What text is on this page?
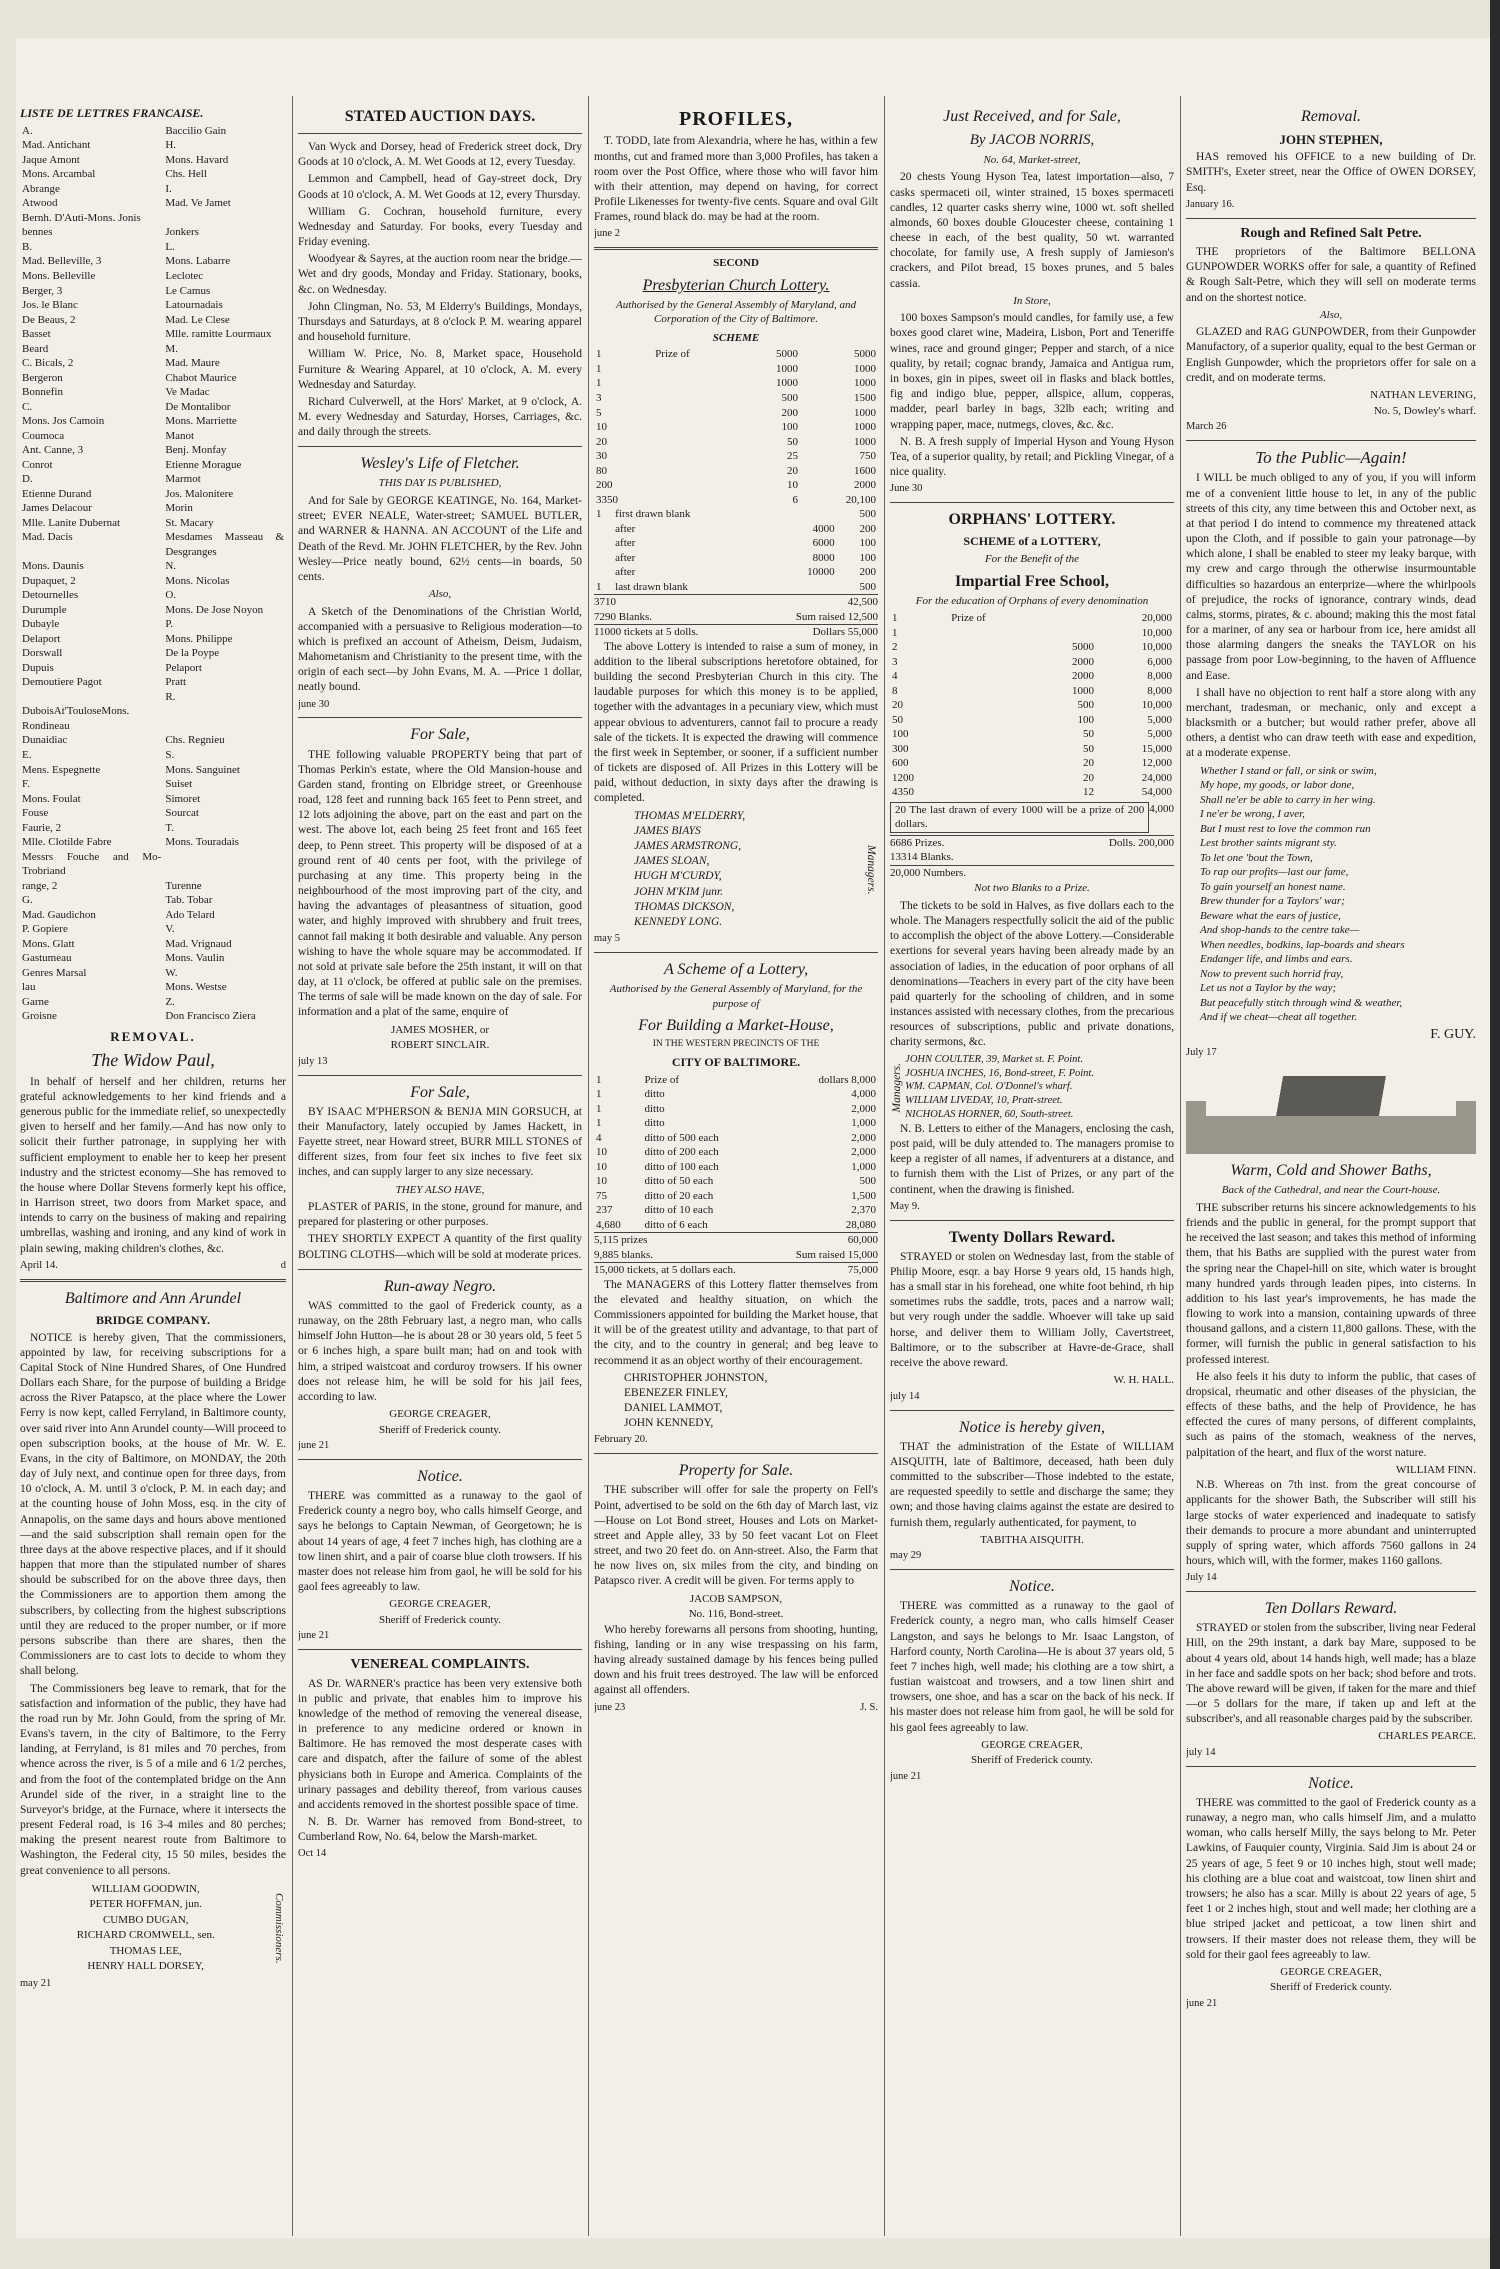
LISTE DE LETTRES FRANCAISE.
A.	Baccilio Gain
Mad. Antichant	H.
Jaque Amont	Mons. Havard
Mons. Arcambal	Chs. Hell
Abrange	I.
Atwood	Mad. Ve Jamet
Bernh. D'Auti-Mons. Jonis	
bennes	Jonkers
B.	L.
Mad. Belleville, 3	Mons. Labarre
Mons. Belleville	Leclotec
Berger, 3	Le Camus
Jos. le Blanc	Latournadais
De Beaus, 2	Mad. Le Clese
Basset	Mlle. ramitte Lourmaux
Beard	M.
C. Bicals, 2	Mad. Maure
Bergeron	Chabot Maurice
Bonnefin	Ve Madac
C.	De Montalibor
Mons. Jos Camoin	Mons. Marriette
Coumoca	Manot
Ant. Canne, 3	Benj. Monfay
Conrot	Etienne Morague
D.	Marmot
Etienne Durand	Jos. Malonitere
James Delacour	Morin
Mlle. Lanite Dubernat	St. Macary
Mad. Dacis	Mesdames Masseau & Desgranges
Mons. Daunis	N.
Dupaquet, 2	Mons. Nicolas
Detournelles	O.
Durumple	Mons. De Jose Noyon
Dubayle	P.
Delaport	Mons. Philippe
Dorswall	De la Poype
Dupuis	Pelaport
Demoutiere Pagot	Pratt
	R.
DuboisAt'TouloseMons. Rondineau	
Dunaidiac	Chs. Regnieu
E.	S.
Mens. Espegnette	Mons. Sanguinet
F.	Suiset
Mons. Foulat	Simoret
Fouse	Sourcat
Faurie, 2	T.
Mlle. Clotilde Fabre	Mons. Touradais
Messrs Fouche and Mo-Trobriand	
range, 2	Turenne
G.	Tab. Tobar
Mad. Gaudichon	Ado Telard
P. Gopiere	V.
Mons. Glatt	Mad. Vrignaud
Gastumeau	Mons. Vaulin
Genres Marsal	W.
lau	Mons. Westse
Garne	Z.
Groisne	Don Francisco Ziera
REMOVAL.
The Widow Paul,

In behalf of herself and her children, returns her grateful acknowledgements to her kind friends and a generous public for the immediate relief, so unexpectedly given to herself and her family.—And has now only to solicit their further patronage, in supplying her with sufficient employment to enable her to keep her present industry and the strictest economy—She has removed to the house where Dollar Stevens formerly kept his office, in Harrison street, two doors from Market space, and intends to carry on the business of making and repairing umbrellas, washing and ironing, and any kind of work in plain sewing, making children's clothes, &c.

April 14.	d
Baltimore and Ann Arundel
BRIDGE COMPANY.

NOTICE is hereby given, That the commissioners, appointed by law, for receiving subscriptions for a Capital Stock of Nine Hundred Shares, of One Hundred Dollars each Share, for the purpose of building a Bridge across the River Patapsco, at the place where the Lower Ferry is now kept, called Ferryland, in Baltimore county, over said river into Ann Arundel county—Will proceed to open subscription books, at the house of Mr. W. E. Evans, in the city of Baltimore, on MONDAY, the 20th day of July next, and continue open for three days, from 10 o'clock, A. M. until 3 o'clock, P. M. in each day; and at the counting house of John Moss, esq. in the city of Annapolis, on the same days and hours above mentioned—and the said subscription shall remain open for the three days at the above respective places, and if it should happen that more than the stipulated number of shares should be subscribed for on the above three days, then the Commissioners are to apportion them among the subscribers, by collecting from the highest subscriptions until they are reduced to the proper number, or if more persons subscribe than there are shares, then the Commissioners are to cast lots to decide to whom they shall belong.

The Commissioners beg leave to remark, that for the satisfaction and information of the public, they have had the road run by Mr. John Gould, from the spring of Mr. Evans's tavern, in the city of Baltimore, to the Ferry landing, at Ferryland, is 81 miles and 70 perches, from whence across the river, is 5 of a mile and 6 1/2 perches, and from the foot of the contemplated bridge on the Ann Arundel side of the river, in a straight line to the Surveyor's bridge, at the Furnace, where it intersects the present Federal road, is 16 3-4 miles and 80 perches; making the present nearest route from Baltimore to Washington, the Federal city, 15 50 miles, besides the great convenience to all persons.

WILLIAM GOODWIN,
PETER HOFFMAN, jun.
CUMBO DUGAN,
RICHARD CROMWELL, sen.
THOMAS LEE,
HENRY HALL DORSEY,
Commissioners.
may 21
STATED AUCTION DAYS.

Van Wyck and Dorsey, head of Frederick street dock, Dry Goods at 10 o'clock, A. M. Wet Goods at 12, every Tuesday.

Lemmon and Campbell, head of Gay-street dock, Dry Goods at 10 o'clock, A. M. Wet Goods at 12, every Thursday.

William G. Cochran, household furniture, every Wednesday and Saturday. For books, every Tuesday and Friday evening.

Woodyear & Sayres, at the auction room near the bridge.—Wet and dry goods, Monday and Friday. Stationary, books, &c. on Wednesday.

John Clingman, No. 53, M Elderry's Buildings, Mondays, Thursdays and Saturdays, at 8 o'clock P. M. wearing apparel and household furniture.

William W. Price, No. 8, Market space, Household Furniture & Wearing Apparel, at 10 o'clock, A. M. every Wednesday and Saturday.

Richard Culverwell, at the Hors' Market, at 9 o'clock, A. M. every Wednesday and Saturday, Horses, Carriages, &c. and daily through the streets.

Wesley's Life of Fletcher.
THIS DAY IS PUBLISHED,

And for Sale by GEORGE KEATINGE, No. 164, Market-street; EVER NEALE, Water-street; SAMUEL BUTLER, and WARNER & HANNA. AN ACCOUNT of the Life and Death of the Revd. Mr. JOHN FLETCHER, by the Rev. John Wesley—Price neatly bound, 62½ cents—in boards, 50 cents.

Also,

A Sketch of the Denominations of the Christian World, accompanied with a persuasive to Religious moderation—to which is prefixed an account of Atheism, Deism, Judaism, Mahometanism and Christianity to the present time, with the origin of each sect—by John Evans, M. A. —Price 1 dollar, neatly bound.

june 30
For Sale,

THE following valuable PROPERTY being that part of Thomas Perkin's estate, where the Old Mansion-house and Garden stand, fronting on Elbridge street, or Greenhouse road, 128 feet and running back 165 feet to Penn street, and 12 lots adjoining the above, part on the east and part on the west. The above lot, each being 25 feet front and 165 feet deep, to Penn street. This property will be disposed of at a ground rent of 40 cents per foot, with the privilege of purchasing at any time. This property being in the neighbourhood of the most improving part of the city, and having the advantages of pleasantness of situation, good water, and highly improved with shrubbery and fruit trees, cannot fail making it both desirable and valuable. Any person wishing to have the whole square may be accommodated. If not sold at private sale before the 25th instant, it will on that day, at 11 o'clock, be offered at public sale on the premises. The terms of sale will be made known on the day of sale. For information and a plat of the same, enquire of

JAMES MOSHER, or
ROBERT SINCLAIR.
july 13
For Sale,

BY ISAAC M'PHERSON & BENJA MIN GORSUCH, at their Manufactory, lately occupied by James Hackett, in Fayette street, near Howard street, BURR MILL STONES of different sizes, from four feet six inches to five feet six inches, and can supply larger to any size necessary.

THEY ALSO HAVE,

PLASTER of PARIS, in the stone, ground for manure, and prepared for plastering or other purposes.

THEY SHORTLY EXPECT A quantity of the first quality BOLTING CLOTHS—which will be sold at moderate prices.

Run-away Negro.

WAS committed to the gaol of Frederick county, as a runaway, on the 28th February last, a negro man, who calls himself John Hutton—he is about 28 or 30 years old, 5 feet 5 or 6 inches high, a spare built man; had on and took with him, a striped waistcoat and corduroy trowsers. If his owner does not release him, he will be sold for his jail fees, according to law.

GEORGE CREAGER,
Sheriff of Frederick county.
june 21
Notice.

THERE was committed as a runaway to the gaol of Frederick county a negro boy, who calls himself George, and says he belongs to Captain Newman, of Georgetown; he is about 14 years of age, 4 feet 7 inches high, has clothing are a tow linen shirt, and a pair of coarse blue cloth trowsers. If his master does not release him from gaol, he will be sold for his gaol fees agreeably to law.

GEORGE CREAGER,
Sheriff of Frederick county.
june 21
VENEREAL COMPLAINTS.

AS Dr. WARNER's practice has been very extensive both in public and private, that enables him to improve his knowledge of the method of removing the venereal disease, in preference to any medicine ordered or known in Baltimore. He has removed the most desperate cases with care and dispatch, after the failure of some of the ablest physicians both in Europe and America. Complaints of the urinary passages and debility thereof, from various causes and accidents removed in the shortest possible space of time.

N. B. Dr. Warner has removed from Bond-street, to Cumberland Row, No. 64, below the Marsh-market.

Oct 14
PROFILES,

T. TODD, late from Alexandria, where he has, within a few months, cut and framed more than 3,000 Profiles, has taken a room over the Post Office, where those who will favor him with their attention, may depend on having, for correct Profile Likenesses for twenty-five cents. Square and oval Gilt Frames, round black do. may be had at the room.

june 2
SECOND
Presbyterian Church Lottery.
Authorised by the General Assembly of Maryland, and Corporation of the City of Baltimore.
SCHEME
1	Prize of	5000	5000
1		1000	1000
1		1000	1000
3		500	1500
5		200	1000
10		100	1000
20		50	1000
30		25	750
80		20	1600
200		10	2000
3350		6	20,100
1	first drawn blank		500
	after	4000	200
	after	6000	100
	after	8000	100
	after	10000	200
1	last drawn blank		500
3710	42,500
7290 Blanks.	Sum raised 12,500
11000 tickets at 5 dolls.	Dollars 55,000

The above Lottery is intended to raise a sum of money, in addition to the liberal subscriptions heretofore obtained, for building the second Presbyterian Church in this city. The laudable purposes for which this money is to be applied, together with the advantages in a pecuniary view, which must appear obvious to adventurers, cannot fail to procure a ready sale of the tickets. It is expected the drawing will commence the first week in September, or sooner, if a sufficient number of tickets are disposed of. All Prizes in this Lottery will be paid, without deduction, in sixty days after the drawing is completed.

THOMAS M'ELDERRY,
JAMES BIAYS
JAMES ARMSTRONG,
JAMES SLOAN,
HUGH M'CURDY,
JOHN M'KIM junr.
THOMAS DICKSON,
KENNEDY LONG.
Managers.
may 5
A Scheme of a Lottery,
Authorised by the General Assembly of Maryland, for the purpose of
For Building a Market-House,
IN THE WESTERN PRECINCTS OF THE
CITY OF BALTIMORE.
1	Prize of	dollars 8,000
1	ditto	4,000
1	ditto	2,000
1	ditto	1,000
4	ditto of 500 each	2,000
10	ditto of 200 each	2,000
10	ditto of 100 each	1,000
10	ditto of 50 each	500
75	ditto of 20 each	1,500
237	ditto of 10 each	2,370
4,680	ditto of 6 each	28,080
5,115 prizes	60,000
9,885 blanks.	Sum raised 15,000
15,000 tickets, at 5 dollars each.	75,000

The MANAGERS of this Lottery flatter themselves from the elevated and healthy situation, on which the Commissioners appointed for building the Market house, that it will be of the greatest utility and advantage, to that part of the city, and to the country in general; and beg leave to recommend it as an object worthy of their encouragement.

CHRISTOPHER JOHNSTON,
EBENEZER FINLEY,
DANIEL LAMMOT,
JOHN KENNEDY,
February 20.
Property for Sale.

THE subscriber will offer for sale the property on Fell's Point, advertised to be sold on the 6th day of March last, viz—House on Lot Bond street, Houses and Lots on Market-street and Apple alley, 33 by 50 feet vacant Lot on Fleet street, and two 20 feet do. on Ann-street. Also, the Farm that he now lives on, six miles from the city, and binding on Patapsco river. A credit will be given. For terms apply to

JACOB SAMPSON,
No. 116, Bond-street.

Who hereby forewarns all persons from shooting, hunting, fishing, landing or in any wise trespassing on his farm, having already sustained damage by his fences being pulled down and his fruit trees destroyed. The law will be enforced against all offenders.

june 23	J. S.
Just Received, and for Sale,
By JACOB NORRIS,
No. 64, Market-street,

20 chests Young Hyson Tea, latest importation—also, 7 casks spermaceti oil, winter strained, 15 boxes spermaceti candles, 12 quarter casks sherry wine, 1000 wt. soft shelled almonds, 60 boxes double Gloucester cheese, containing 1 cheese in each, of the best quality, 50 wt. warranted chocolate, for family use, A fresh supply of Jamieson's crackers, and Pilot bread, 15 boxes prunes, and 5 bales cassia.

In Store,

100 boxes Sampson's mould candles, for family use, a few boxes good claret wine, Madeira, Lisbon, Port and Teneriffe wines, race and ground ginger; Pepper and starch, of a nice quality, by retail; cognac brandy, Jamaica and Antigua rum, in boxes, gin in pipes, sweet oil in flasks and black bottles, fig and indigo blue, pepper, allspice, allum, copperas, madder, pearl barley in bags, 32lb each; writing and wrapping paper, mace, nutmegs, cloves, &c. &c.

N. B. A fresh supply of Imperial Hyson and Young Hyson Tea, of a superior quality, by retail; and Pickling Vinegar, of a nice quality.

June 30
ORPHANS' LOTTERY.
SCHEME of a LOTTERY,
For the Benefit of the
Impartial Free School,
For the education of Orphans of every denomination
1	Prize of		20,000
1			10,000
2		5000	10,000
3		2000	6,000
4		2000	8,000
8		1000	8,000
20		500	10,000
50		100	5,000
100		50	5,000
300		50	15,000
600		20	12,000
1200		20	24,000
4350		12	54,000
20 The last drawn of every 1000 will be a prize of 200 dollars.
4,000
6686 Prizes.	Dolls. 200,000
13314 Blanks.
20,000 Numbers.
Not two Blanks to a Prize.

The tickets to be sold in Halves, as five dollars each to the whole. The Managers respectfully solicit the aid of the public to accomplish the object of the above Lottery.—Considerable exertions for several years having been already made by an association of ladies, in the education of poor orphans of all denominations—Teachers in every part of the city have been paid quarterly for the schooling of children, and in some instances assisted with necessary clothes, from the precarious resources of subscriptions, public and private donations, charity sermons, &c.

Managers.
JOHN COULTER, 39, Market st. F. Point.
JOSHUA INCHES, 16, Bond-street, F. Point.
WM. CAPMAN, Col. O'Donnel's wharf.
WILLIAM LIVEDAY, 10, Pratt-street.
NICHOLAS HORNER, 60, South-street.

N. B. Letters to either of the Managers, enclosing the cash, post paid, will be duly attended to. The managers promise to keep a register of all names, if adventurers at a distance, and to furnish them with the List of Prizes, or any part of the continent, when the drawing is finished.

May 9.
Twenty Dollars Reward.

STRAYED or stolen on Wednesday last, from the stable of Philip Moore, esqr. a bay Horse 9 years old, 15 hands high, has a small star in his forehead, one white foot behind, rh hip sometimes rubs the saddle, trots, paces and a narrow wall; but very rough under the saddle. Whoever will take up said horse, and deliver them to William Jolly, Cavertstreet, Baltimore, or to the subscriber at Havre-de-Grace, shall receive the above reward.

W. H. HALL.
july 14
Notice is hereby given,

THAT the administration of the Estate of WILLIAM AISQUITH, late of Baltimore, deceased, hath been duly committed to the subscriber—Those indebted to the estate, are requested speedily to settle and discharge the same; they own; and those having claims against the estate are desired to furnish them, regularly authenticated, for payment, to

TABITHA AISQUITH.
may 29
Notice.

THERE was committed as a runaway to the gaol of Frederick county, a negro man, who calls himself Ceaser Langston, and says he belongs to Mr. Isaac Langston, of Harford county, North Carolina—He is about 37 years old, 5 feet 7 inches high, well made; his clothing are a tow shirt, a fustian waistcoat and trowsers, and a tow linen shirt and trowsers, one shoe, and has a scar on the back of his neck. If his master does not release him from gaol, he will be sold for his gaol fees agreeably to law.

GEORGE CREAGER,
Sheriff of Frederick county.
june 21
Removal.
JOHN STEPHEN,

HAS removed his OFFICE to a new building of Dr. SMITH's, Exeter street, near the Office of OWEN DORSEY, Esq.

January 16.
Rough and Refined Salt Petre.

THE proprietors of the Baltimore BELLONA GUNPOWDER WORKS offer for sale, a quantity of Refined & Rough Salt-Petre, which they will sell on moderate terms and on the shortest notice.

Also,

GLAZED and RAG GUNPOWDER, from their Gunpowder Manufactory, of a superior quality, equal to the best German or English Gunpowder, which the proprietors offer for sale on a credit, and on moderate terms.

NATHAN LEVERING,
No. 5, Dowley's wharf.
March 26
To the Public—Again!

I WILL be much obliged to any of you, if you will inform me of a convenient little house to let, in any of the public streets of this city, any time between this and October next, as at that period I do intend to commence my threatened attack upon the Cloth, and if possible to gain your patronage—by which alone, I shall be enabled to steer my leaky barque, with my crew and cargo through the otherwise insurmountable difficulties so hazardous an enterprize—where the whirlpools of prejudice, the rocks of ignorance, contrary winds, dead calms, storms, pirates, & c. abound; making this the most fatal for a mariner, of any sea or harbour from ice, here amidst all those alarming dangers the sneaks the TAYLOR on his passage from poor Low-beginning, to the haven of Affluence and Ease.

I shall have no objection to rent half a store along with any merchant, tradesman, or mechanic, only and except a blacksmith or a butcher; but would rather prefer, above all others, a dentist who can draw teeth with ease and expedition, at a moderate expense.

Whether I stand or fall, or sink or swim,
My hope, my goods, or labor done,
Shall ne'er be able to carry in her wing.
I ne'er be wrong, I aver,
But I must rest to love the common run
Lest brother saints migrant sty.
To let one 'bout the Town,
To rap our profits—last our fame,
To gain yourself an honest name.
Brew thunder for a Taylors' war;
Beware what the ears of justice,
And shop-hands to the centre take—
When needles, bodkins, lap-boards and shears
Endanger life, and limbs and ears.
Now to prevent such horrid fray,
Let us not a Taylor by the way;
But peacefully stitch through wind & weather,
And if we cheat—cheat all together.
F. GUY.
July 17
Warm, Cold and Shower Baths,
Back of the Cathedral, and near the Court-house.

THE subscriber returns his sincere acknowledgements to his friends and the public in general, for the prompt support that he received the last season; and takes this method of informing them, that his Baths are supplied with the purest water from the spring near the Chapel-hill on site, which water is brought many hundred yards through leaden pipes, into cisterns. In addition to his last year's improvements, he has made the flowing to work into a mansion, containing upwards of three thousand gallons, and a cistern 11,800 gallons. These, with the former, will furnish the public in general satisfaction to his professed interest.

He also feels it his duty to inform the public, that cases of dropsical, rheumatic and other diseases of the physician, the effects of these baths, and the help of Providence, he has effected the cures of many persons, of different complaints, such as pains of the stomach, weakness of the nerves, palpitation of the heart, and flux of the worst nature.

WILLIAM FINN.

N.B. Whereas on 7th inst. from the great concourse of applicants for the shower Bath, the Subscriber will still his large stocks of water experienced and inadequate to satisfy their demands to procure a more abundant and uninterrupted supply of spring water, which affords 7560 gallons in 24 hours, which will, with the former, makes 1160 gallons.

July 14
Ten Dollars Reward.

STRAYED or stolen from the subscriber, living near Federal Hill, on the 29th instant, a dark bay Mare, supposed to be about 4 years old, about 14 hands high, well made; has a blaze in her face and saddle spots on her back; shod before and trots. The above reward will be given, if taken for the mare and thief—or 5 dollars for the mare, if taken up and left at the subscriber's, and all reasonable charges paid by the subscriber.

CHARLES PEARCE.
july 14
Notice.

THERE was committed to the gaol of Frederick county as a runaway, a negro man, who calls himself Jim, and a mulatto woman, who calls herself Milly, the says belong to Mr. Peter Lawkins, of Fauquier county, Virginia. Said Jim is about 24 or 25 years of age, 5 feet 9 or 10 inches high, stout well made; his clothing are a blue coat and waistcoat, tow linen shirt and trowsers; he also has a scar. Milly is about 22 years of age, 5 feet 1 or 2 inches high, stout and well made; her clothing are a blue striped jacket and petticoat, a tow linen shirt and trowsers. If their master does not release them, they will be sold for their gaol fees agreeably to law.

GEORGE CREAGER,
Sheriff of Frederick county.
june 21
